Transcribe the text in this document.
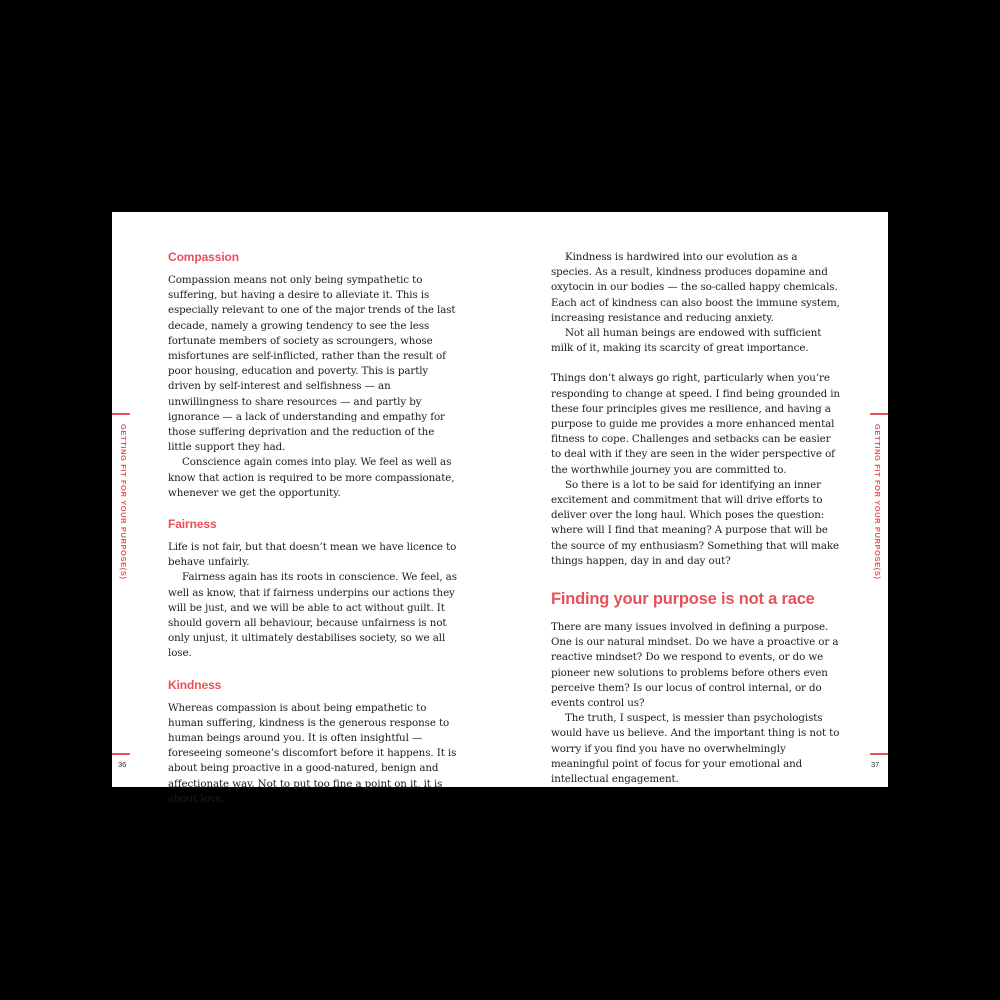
GETTING FIT FOR YOUR PURPOSE(S)
36
GETTING FIT FOR YOUR PURPOSE(S)
37
Compassion

Compassion means not only being sympathetic to suffering, but having a desire to alleviate it. This is especially relevant to one of the major trends of the last decade, namely a growing tendency to see the less fortunate members of society as scroungers, whose misfortunes are self-inflicted, rather than the result of poor housing, education and poverty. This is partly driven by self-interest and selfishness — an unwillingness to share resources — and partly by ignorance — a lack of understanding and empathy for those suffering deprivation and the reduction of the little support they had.

Conscience again comes into play. We feel as well as know that action is required to be more compassionate, whenever we get the opportunity.

Fairness

Life is not fair, but that doesn’t mean we have licence to behave unfairly.

Fairness again has its roots in conscience. We feel, as well as know, that if fairness underpins our actions they will be just, and we will be able to act without guilt. It should govern all behaviour, because unfairness is not only unjust, it ultimately destabilises society, so we all lose.

Kindness

Whereas compassion is about being empathetic to human suffering, kindness is the generous response to human beings around you. It is often insightful — foreseeing someone’s discomfort before it happens. It is about being proactive in a good-natured, benign and affectionate way. Not to put too fine a point on it, it is about love.

Kindness is hardwired into our evolution as a species. As a result, kindness produces dopamine and oxytocin in our bodies — the so-called happy chemicals. Each act of kindness can also boost the immune system, increasing resistance and reducing anxiety.

Not all human beings are endowed with sufficient milk of it, making its scarcity of great importance.

Things don’t always go right, particularly when you’re responding to change at speed. I find being grounded in these four principles gives me resilience, and having a purpose to guide me provides a more enhanced mental fitness to cope. Challenges and setbacks can be easier to deal with if they are seen in the wider perspective of the worthwhile journey you are committed to.

So there is a lot to be said for identifying an inner excitement and commitment that will drive efforts to deliver over the long haul. Which poses the question: where will I find that meaning? A purpose that will be the source of my enthusiasm? Something that will make things happen, day in and day out?

Finding your purpose is not a race

There are many issues involved in defining a purpose. One is our natural mindset. Do we have a proactive or a reactive mindset? Do we respond to events, or do we pioneer new solutions to problems before others even perceive them? Is our locus of control internal, or do events control us?

The truth, I suspect, is messier than psychologists would have us believe. And the important thing is not to worry if you find you have no overwhelmingly meaningful point of focus for your emotional and intellectual engagement.
